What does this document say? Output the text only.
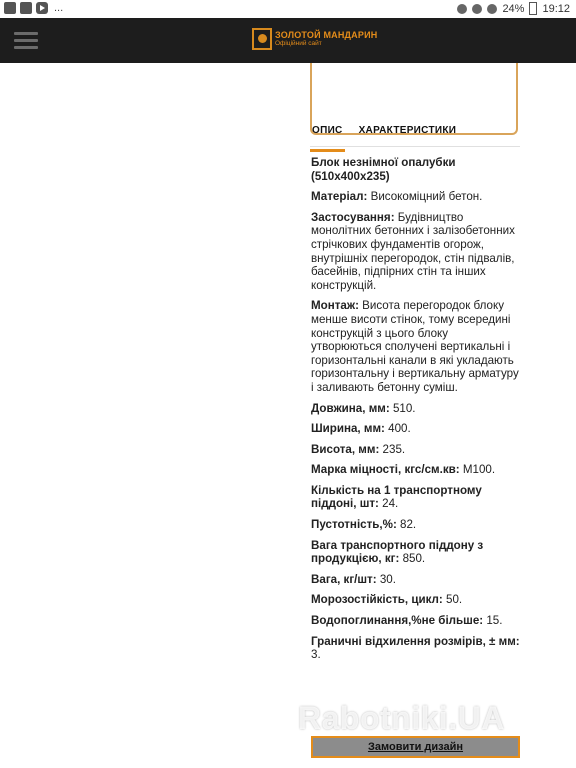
...	24% 19:12
ЗОЛОТОЙ МАНДАРИН
Офіційний сайт
ОПИС ХАРАКТЕРИСТИКИ

Блок незнімної опалубки (510х400х235)

Матеріал: Високоміцний бетон.

Застосування: Будівництво монолітних бетонних і залізобетонних стрічкових фундаментів огорож, внутрішніх перегородок, стін підвалів, басейнів, підпірних стін та інших конструкцій.

Монтаж: Висота перегородок блоку менше висоти стінок, тому всередині конструкцій з цього блоку утворюються сполучені вертикальні і горизонтальні канали в які укладають горизонтальну і вертикальну арматуру і заливають бетонну суміш.

Довжина, мм: 510.

Ширина, мм: 400.

Висота, мм: 235.

Марка міцності, кгс/см.кв: М100.

Кількість на 1 транспортному піддоні, шт: 24.

Пустотність,%: 82.

Вага транспортного піддону з продукцією, кг: 850.

Вага, кг/шт: 30.

Морозостійкість, цикл: 50.

Водопоглинання,%не більше: 15.

Граничні відхилення розмірів, ± мм: 3.

Rabotniki.UA
Замовити дизайн
